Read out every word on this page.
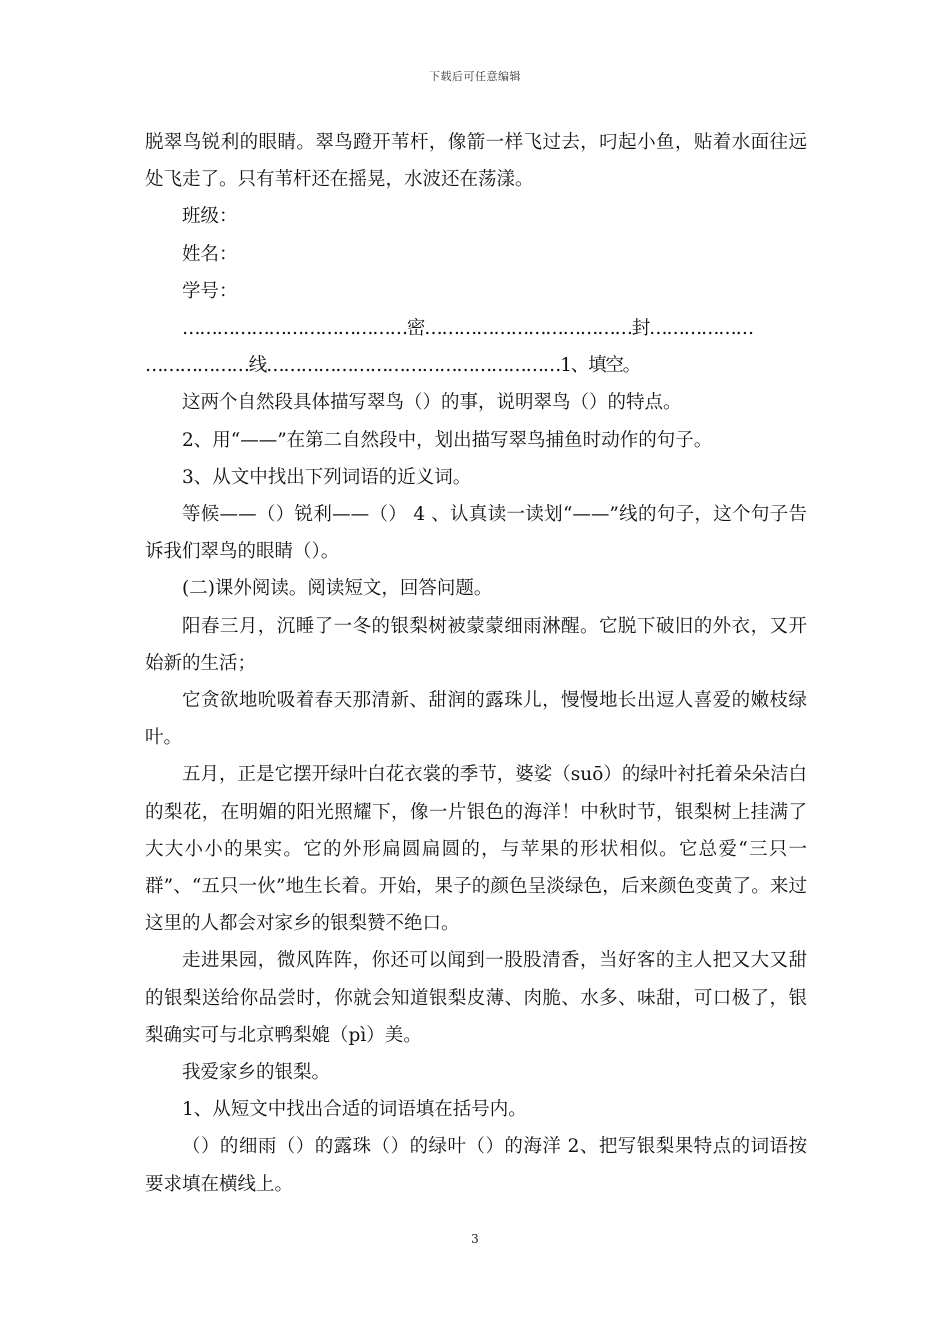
下载后可任意编辑

脱翠鸟锐利的眼睛。翠鸟蹬开苇杆，像箭一样飞过去，叼起小鱼，贴着水面往远处飞走了。只有苇杆还在摇晃，水波还在荡漾。

班级：

姓名：

学号：

…………………………………密………………………………封………………

………………线……………………………………………1、填空。

这两个自然段具体描写翠鸟（）的事，说明翠鸟（）的特点。

2、用“——”在第二自然段中，划出描写翠鸟捕鱼时动作的句子。

3、从文中找出下列词语的近义词。

等候——（）锐利——（） 4 、认真读一读划“——”线的句子，这个句子告诉我们翠鸟的眼睛（）。

(二)课外阅读。阅读短文，回答问题。

阳春三月，沉睡了一冬的银梨树被蒙蒙细雨淋醒。它脱下破旧的外衣，又开始新的生活；

它贪欲地吮吸着春天那清新、甜润的露珠儿，慢慢地长出逗人喜爱的嫩枝绿叶。

五月，正是它摆开绿叶白花衣裳的季节，婆娑（suō）的绿叶衬托着朵朵洁白的梨花，在明媚的阳光照耀下，像一片银色的海洋！中秋时节，银梨树上挂满了大大小小的果实。它的外形扁圆扁圆的，与苹果的形状相似。它总爱“三只一群”、“五只一伙”地生长着。开始，果子的颜色呈淡绿色，后来颜色变黄了。来过这里的人都会对家乡的银梨赞不绝口。

走进果园，微风阵阵，你还可以闻到一股股清香，当好客的主人把又大又甜的银梨送给你品尝时，你就会知道银梨皮薄、肉脆、水多、味甜，可口极了，银梨确实可与北京鸭梨媲（pì）美。

我爱家乡的银梨。

1、从短文中找出合适的词语填在括号内。

（）的细雨（）的露珠（）的绿叶（）的海洋 2、把写银梨果特点的词语按要求填在横线上。

3
